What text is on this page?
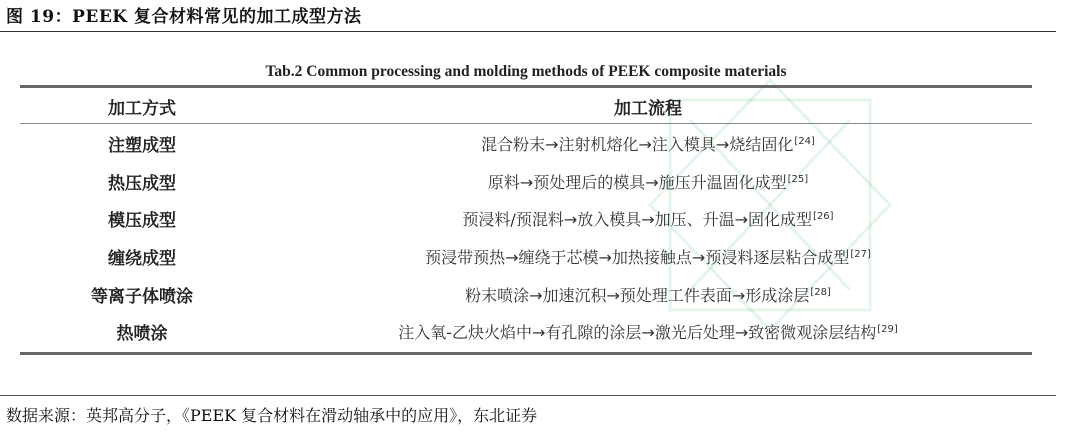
图 19：PEEK 复合材料常见的加工成型方法
Tab.2 Common processing and molding methods of PEEK composite materials
加工方式	加工流程
注塑成型	混合粉末→注射机熔化→注入模具→烧结固化[24]
热压成型	原料→预处理后的模具→施压升温固化成型[25]
模压成型	预浸料/预混料→放入模具→加压、升温→固化成型[26]
缠绕成型	预浸带预热→缠绕于芯模→加热接触点→预浸料逐层粘合成型[27]
等离子体喷涂	粉末喷涂→加速沉积→预处理工件表面→形成涂层[28]
热喷涂	注入氧-乙炔火焰中→有孔隙的涂层→激光后处理→致密微观涂层结构[29]
数据来源：英邦高分子，《PEEK 复合材料在滑动轴承中的应用》，东北证券
